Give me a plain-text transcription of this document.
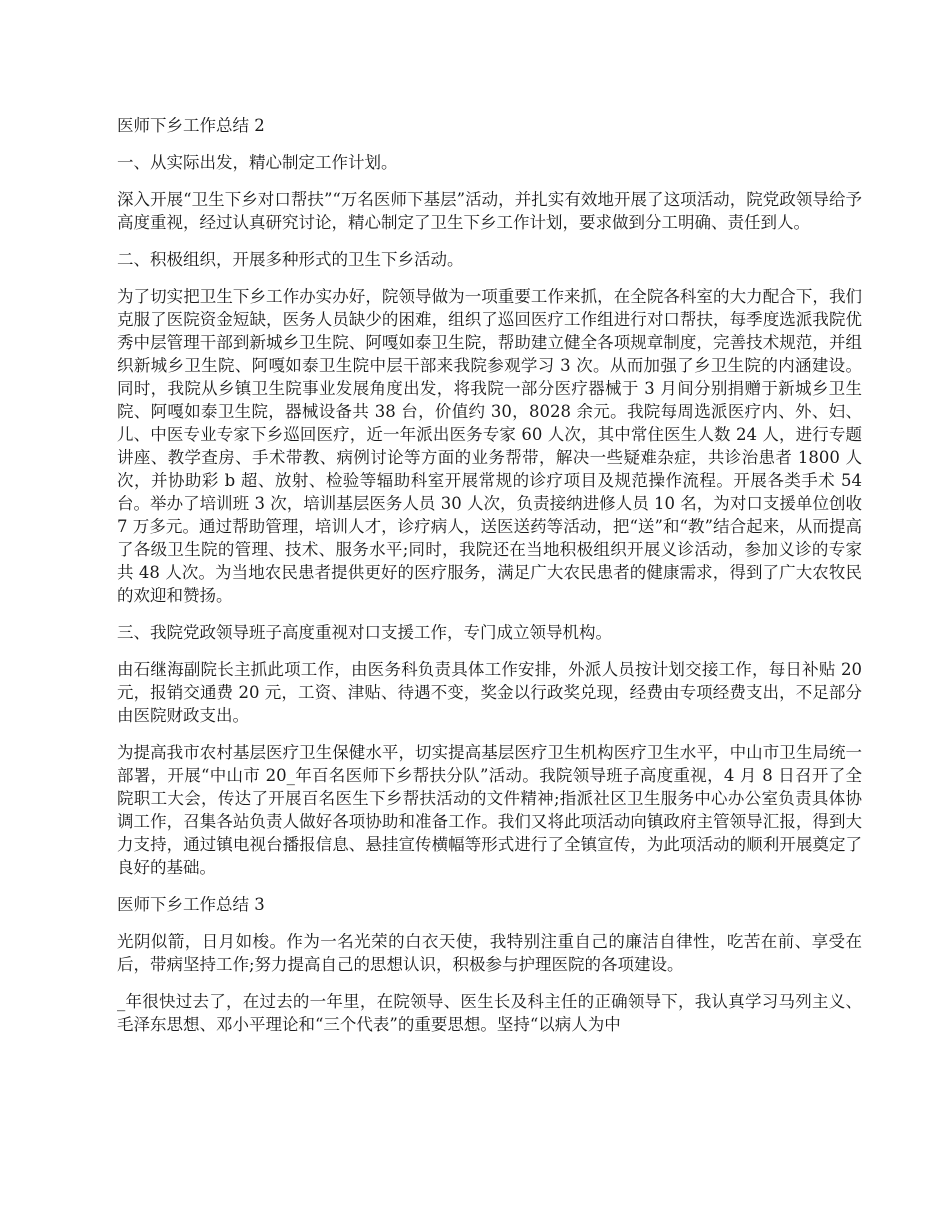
医师下乡工作总结 2

一、从实际出发，精心制定工作计划。

深入开展“卫生下乡对口帮扶”“万名医师下基层”活动，并扎实有效地开展了这项活动，院党政领导给予高度重视，经过认真研究讨论，精心制定了卫生下乡工作计划，要求做到分工明确、责任到人。

二、积极组织，开展多种形式的卫生下乡活动。

为了切实把卫生下乡工作办实办好，院领导做为一项重要工作来抓，在全院各科室的大力配合下，我们克服了医院资金短缺，医务人员缺少的困难，组织了巡回医疗工作组进行对口帮扶，每季度选派我院优秀中层管理干部到新城乡卫生院、阿嘎如泰卫生院，帮助建立健全各项规章制度，完善技术规范，并组织新城乡卫生院、阿嘎如泰卫生院中层干部来我院参观学习 3 次。从而加强了乡卫生院的内涵建设。同时，我院从乡镇卫生院事业发展角度出发，将我院一部分医疗器械于 3 月间分别捐赠于新城乡卫生院、阿嘎如泰卫生院，器械设备共 38 台，价值约 30，8028 余元。我院每周选派医疗内、外、妇、儿、中医专业专家下乡巡回医疗，近一年派出医务专家 60 人次，其中常住医生人数 24 人，进行专题讲座、教学查房、手术带教、病例讨论等方面的业务帮带，解决一些疑难杂症，共诊治患者 1800 人次，并协助彩 b 超、放射、检验等辐助科室开展常规的诊疗项目及规范操作流程。开展各类手术 54 台。举办了培训班 3 次，培训基层医务人员 30 人次，负责接纳进修人员 10 名，为对口支援单位创收 7 万多元。通过帮助管理，培训人才，诊疗病人，送医送药等活动，把“送”和“教”结合起来，从而提高了各级卫生院的管理、技术、服务水平;同时，我院还在当地积极组织开展义诊活动，参加义诊的专家共 48 人次。为当地农民患者提供更好的医疗服务，满足广大农民患者的健康需求，得到了广大农牧民的欢迎和赞扬。

三、我院党政领导班子高度重视对口支援工作，专门成立领导机构。

由石继海副院长主抓此项工作，由医务科负责具体工作安排，外派人员按计划交接工作，每日补贴 20 元，报销交通费 20 元，工资、津贴、待遇不变，奖金以行政奖兑现，经费由专项经费支出，不足部分由医院财政支出。

为提高我市农村基层医疗卫生保健水平，切实提高基层医疗卫生机构医疗卫生水平，中山市卫生局统一部署，开展“中山市 20_年百名医师下乡帮扶分队”活动。我院领导班子高度重视，4 月 8 日召开了全院职工大会，传达了开展百名医生下乡帮扶活动的文件精神;指派社区卫生服务中心办公室负责具体协调工作，召集各站负责人做好各项协助和准备工作。我们又将此项活动向镇政府主管领导汇报，得到大力支持，通过镇电视台播报信息、悬挂宣传横幅等形式进行了全镇宣传，为此项活动的顺利开展奠定了良好的基础。

医师下乡工作总结 3

光阴似箭，日月如梭。作为一名光荣的白衣天使，我特别注重自己的廉洁自律性，吃苦在前、享受在后，带病坚持工作;努力提高自己的思想认识，积极参与护理医院的各项建设。

_年很快过去了，在过去的一年里，在院领导、医生长及科主任的正确领导下，我认真学习马列主义、毛泽东思想、邓小平理论和“三个代表”的重要思想。坚持“以病人为中
